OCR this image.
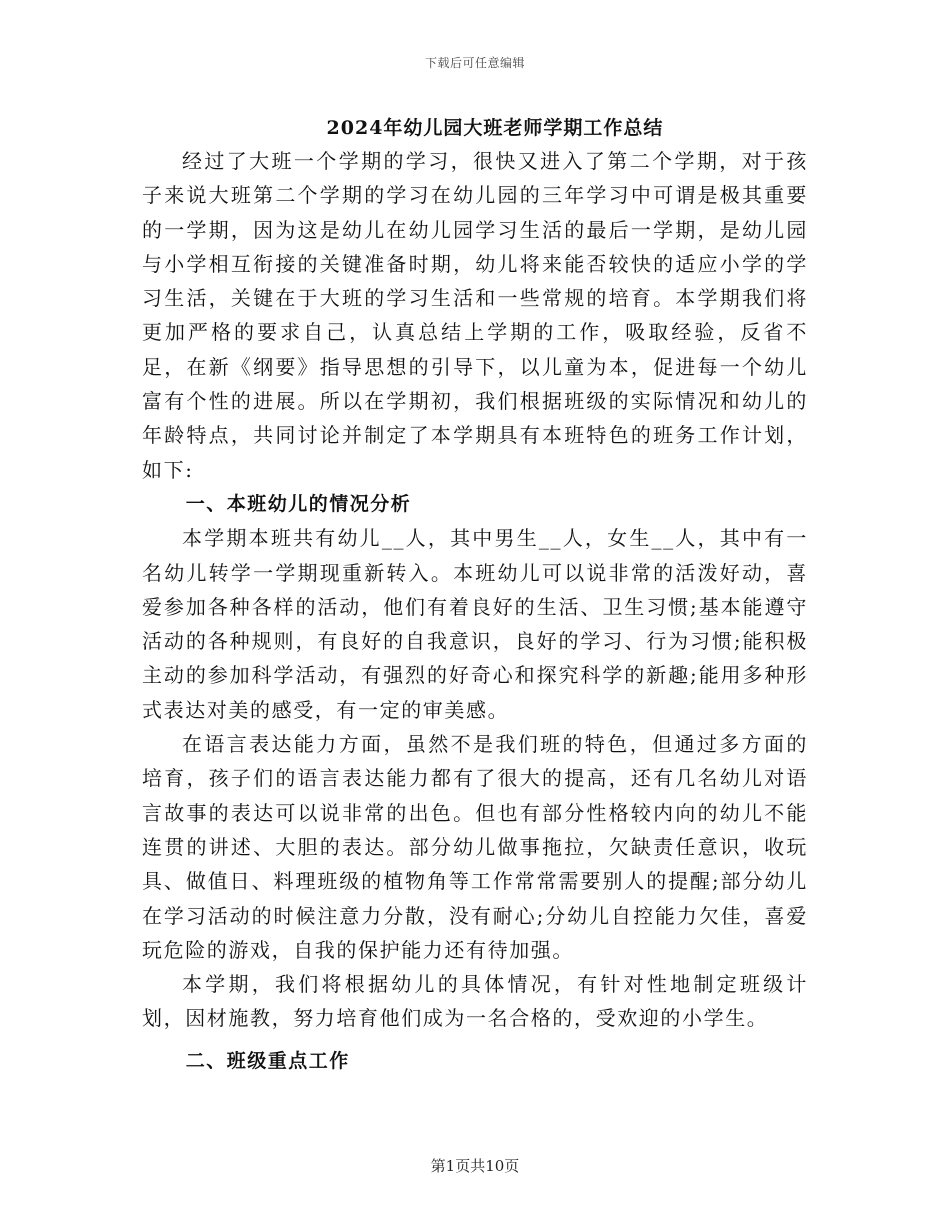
下载后可任意编辑
2024年幼儿园大班老师学期工作总结

经过了大班一个学期的学习，很快又进入了第二个学期，对于孩子来说大班第二个学期的学习在幼儿园的三年学习中可谓是极其重要的一学期，因为这是幼儿在幼儿园学习生活的最后一学期，是幼儿园与小学相互衔接的关键准备时期，幼儿将来能否较快的适应小学的学习生活，关键在于大班的学习生活和一些常规的培育。本学期我们将更加严格的要求自己，认真总结上学期的工作，吸取经验，反省不足，在新《纲要》指导思想的引导下，以儿童为本，促进每一个幼儿富有个性的进展。所以在学期初，我们根据班级的实际情况和幼儿的年龄特点，共同讨论并制定了本学期具有本班特色的班务工作计划，如下:

一、本班幼儿的情况分析

本学期本班共有幼儿__人，其中男生__人，女生__人，其中有一名幼儿转学一学期现重新转入。本班幼儿可以说非常的活泼好动，喜爱参加各种各样的活动，他们有着良好的生活、卫生习惯;基本能遵守活动的各种规则，有良好的自我意识，良好的学习、行为习惯;能积极主动的参加科学活动，有强烈的好奇心和探究科学的新趣;能用多种形式表达对美的感受，有一定的审美感。

在语言表达能力方面，虽然不是我们班的特色，但通过多方面的培育，孩子们的语言表达能力都有了很大的提高，还有几名幼儿对语言故事的表达可以说非常的出色。但也有部分性格较内向的幼儿不能连贯的讲述、大胆的表达。部分幼儿做事拖拉，欠缺责任意识，收玩具、做值日、料理班级的植物角等工作常常需要别人的提醒;部分幼儿在学习活动的时候注意力分散，没有耐心;分幼儿自控能力欠佳，喜爱玩危险的游戏，自我的保护能力还有待加强。

本学期，我们将根据幼儿的具体情况，有针对性地制定班级计划，因材施教，努力培育他们成为一名合格的，受欢迎的小学生。

二、班级重点工作

第1页共10页
